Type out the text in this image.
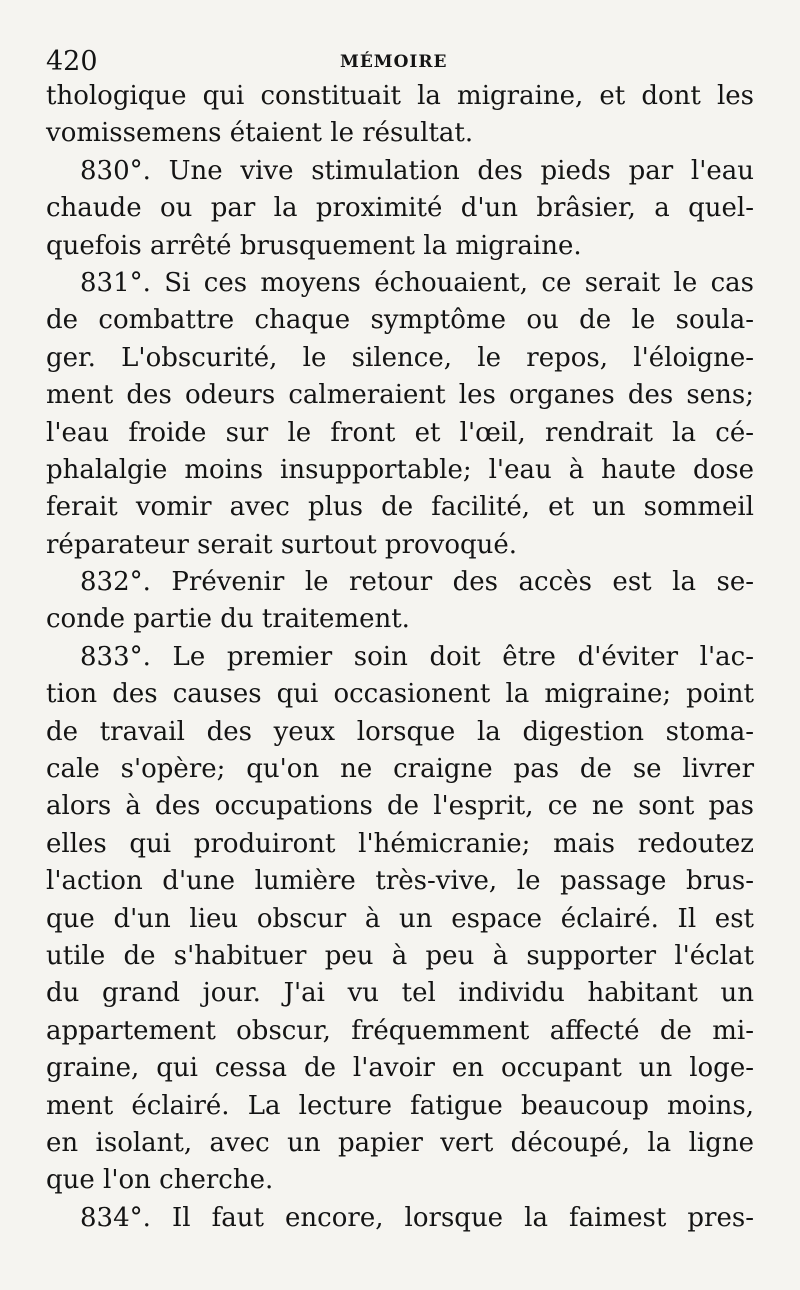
420	MÉMOIRE
thologique qui constituait la migraine, et dont les
vomissemens étaient le résultat.
830°. Une vive stimulation des pieds par l'eau
chaude ou par la proximité d'un brâsier, a quel-
quefois arrêté brusquement la migraine.
831°. Si ces moyens échouaient, ce serait le cas
de combattre chaque symptôme ou de le soula-
ger. L'obscurité, le silence, le repos, l'éloigne-
ment des odeurs calmeraient les organes des sens;
l'eau froide sur le front et l'œil, rendrait la cé-
phalalgie moins insupportable; l'eau à haute dose
ferait vomir avec plus de facilité, et un sommeil
réparateur serait surtout provoqué.
832°. Prévenir le retour des accès est la se-
conde partie du traitement.
833°. Le premier soin doit être d'éviter l'ac-
tion des causes qui occasionent la migraine; point
de travail des yeux lorsque la digestion stoma-
cale s'opère; qu'on ne craigne pas de se livrer
alors à des occupations de l'esprit, ce ne sont pas
elles qui produiront l'hémicranie; mais redoutez
l'action d'une lumière très-vive, le passage brus-
que d'un lieu obscur à un espace éclairé. Il est
utile de s'habituer peu à peu à supporter l'éclat
du grand jour. J'ai vu tel individu habitant un
appartement obscur, fréquemment affecté de mi-
graine, qui cessa de l'avoir en occupant un loge-
ment éclairé. La lecture fatigue beaucoup moins,
en isolant, avec un papier vert découpé, la ligne
que l'on cherche.
834°. Il faut encore, lorsque la faimest pres-
